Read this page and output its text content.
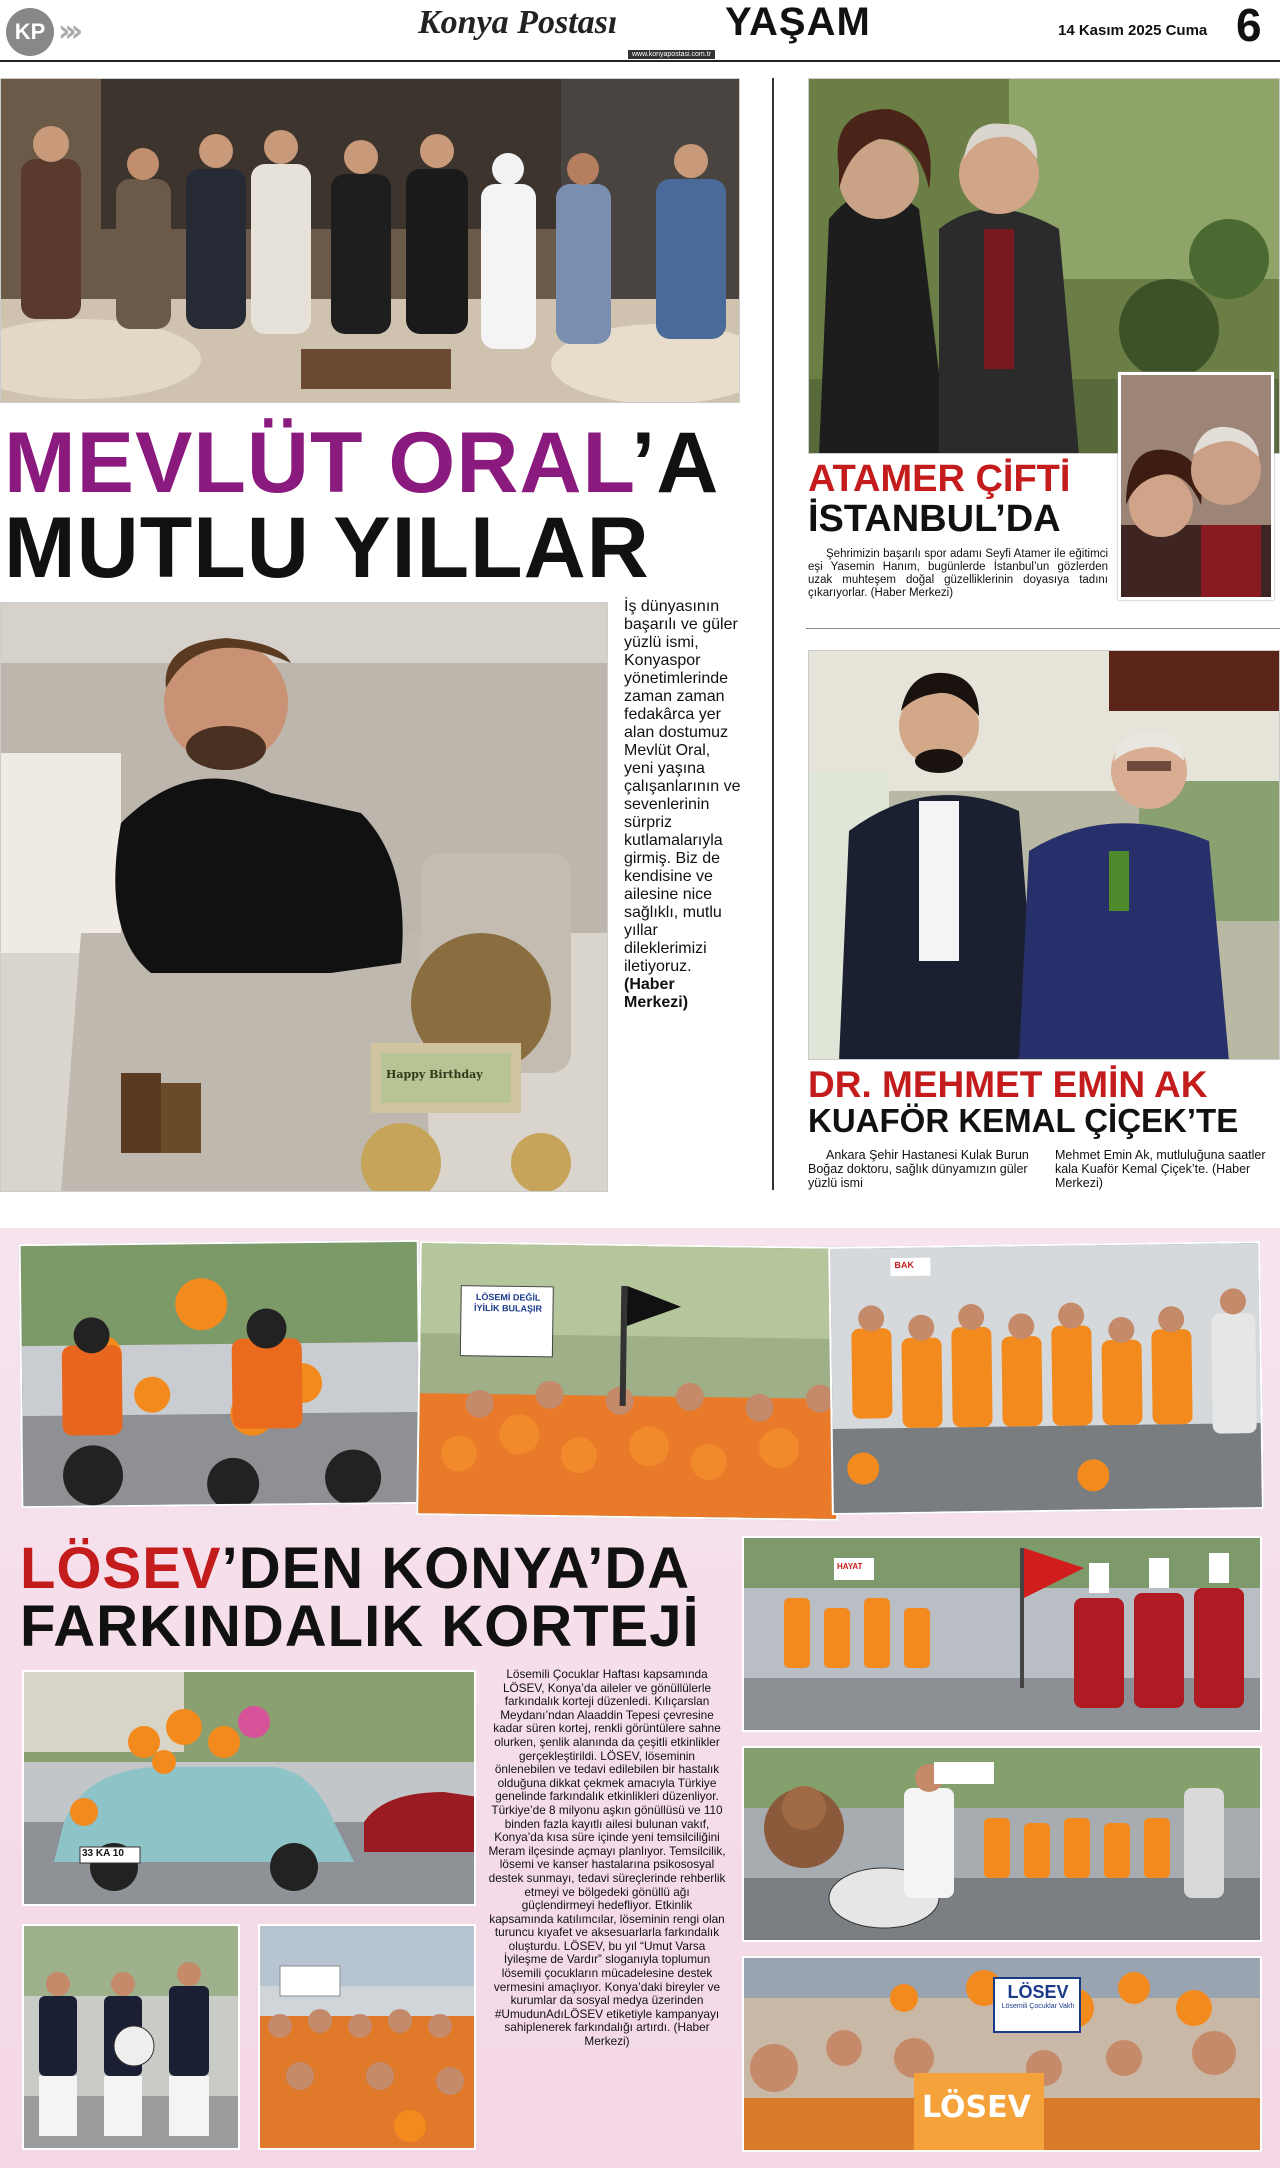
KP ›››	Konya Postası	YAŞAM
www.konyapostasi.com.tr
14 Kasım 2025 Cuma 6
MEVLÜT ORAL’A
MUTLU YILLAR
Happy Birthday
İş dünyasının başarılı ve güler yüzlü ismi, Konyaspor yönetimlerinde zaman zaman fedakârca yer alan dostumuz Mevlüt Oral, yeni yaşına çalışanlarının ve sevenlerinin sürpriz kutlamalarıyla girmiş. Biz de kendisine ve ailesine nice sağlıklı, mutlu yıllar dileklerimizi iletiyoruz. (Haber Merkezi)
ATAMER ÇİFTİ
İSTANBUL’DA
Şehrimizin başarılı spor adamı Seyfi Atamer ile eğitimci eşi Yasemin Hanım, bugünlerde İstanbul’un gözlerden uzak muhteşem doğal güzelliklerinin doyasıya tadını çıkarıyorlar. (Haber Merkezi)
DR. MEHMET EMİN AK
KUAFÖR KEMAL ÇİÇEK’TE
Ankara Şehir Hastanesi Kulak Burun Boğaz doktoru, sağlık dünyamızın güler yüzlü ismi
Mehmet Emin Ak, mutluluğuna saatler kala Kuaför Kemal Çiçek’te. (Haber Merkezi)
LÖSEMİ DEĞİL İYİLİK BULAŞIR
BAK
LÖSEV’DEN KONYA’DA
FARKINDALIK KORTEJİ
33 KA 10
Lösemili Çocuklar Haftası kapsamında LÖSEV, Konya’da aileler ve gönüllülerle farkındalık korteji düzenledi. Kılıçarslan Meydanı’ndan Alaaddin Tepesi çevresine kadar süren kortej, renkli görüntülere sahne olurken, şenlik alanında da çeşitli etkinlikler gerçekleştirildi. LÖSEV, löseminin önlenebilen ve tedavi edilebilen bir hastalık olduğuna dikkat çekmek amacıyla Türkiye genelinde farkındalık etkinlikleri düzenliyor. Türkiye’de 8 milyonu aşkın gönüllüsü ve 110 binden fazla kayıtlı ailesi bulunan vakıf, Konya’da kısa süre içinde yeni temsilciliğini Meram ilçesinde açmayı planlıyor. Temsilcilik, lösemi ve kanser hastalarına psikososyal destek sunmayı, tedavi süreçlerinde rehberlik etmeyi ve bölgedeki gönüllü ağı güçlendirmeyi hedefliyor. Etkinlik kapsamında katılımcılar, löseminin rengi olan turuncu kıyafet ve aksesuarlarla farkındalık oluşturdu. LÖSEV, bu yıl “Umut Varsa İyileşme de Vardır” sloganıyla toplumun lösemili çocukların mücadelesine destek vermesini amaçlıyor. Konya’daki bireyler ve kurumlar da sosyal medya üzerinden #UmudunAdıLÖSEV etiketiyle kampanyayı sahiplenerek farkındalığı artırdı. (Haber Merkezi)
HAYAT
LÖSEV
Lösemili Çocuklar Vakfı
LÖSEV
